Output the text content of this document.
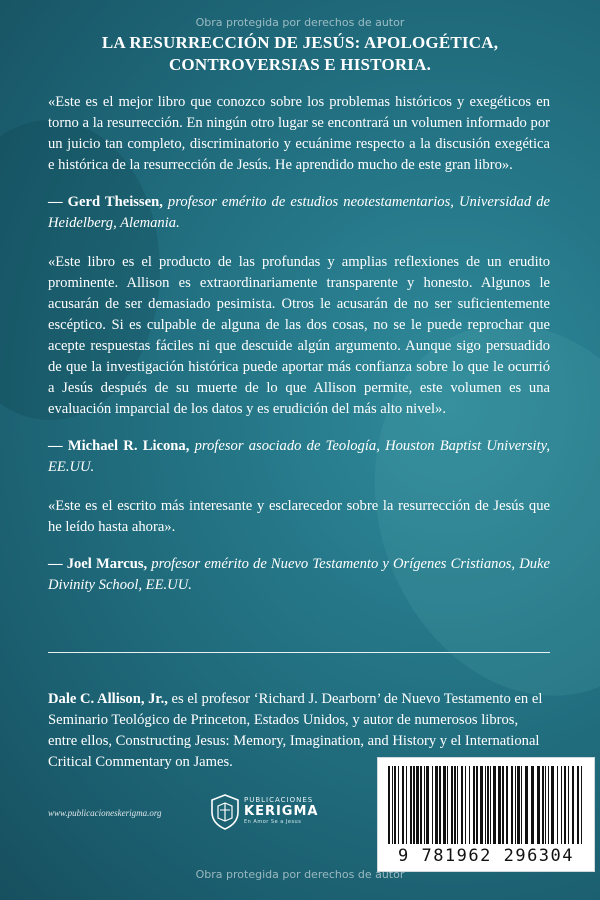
Obra protegida por derechos de autor
LA RESURRECCIÓN DE JESÚS: APOLOGÉTICA,
CONTROVERSIAS E HISTORIA.

«Este es el mejor libro que conozco sobre los problemas históricos y exegéticos en torno a la resurrección. En ningún otro lugar se encontrará un volumen informado por un juicio tan completo, discriminatorio y ecuánime respecto a la discusión exegética e histórica de la resurrección de Jesús. He aprendido mucho de este gran libro».

— Gerd Theissen, profesor emérito de estudios neotestamentarios, Universidad de Heidelberg, Alemania.

«Este libro es el producto de las profundas y amplias reflexiones de un erudito prominente. Allison es extraordinariamente transparente y honesto. Algunos le acusarán de ser demasiado pesimista. Otros le acusarán de no ser suficientemente escéptico. Si es culpable de alguna de las dos cosas, no se le puede reprochar que acepte respuestas fáciles ni que descuide algún argumento. Aunque sigo persuadido de que la investigación histórica puede aportar más confianza sobre lo que le ocurrió a Jesús después de su muerte de lo que Allison permite, este volumen es una evaluación imparcial de los datos y es erudición del más alto nivel».

— Michael R. Licona, profesor asociado de Teología, Houston Baptist University, EE.UU.

«Este es el escrito más interesante y esclarecedor sobre la resurrección de Jesús que he leído hasta ahora».

— Joel Marcus, profesor emérito de Nuevo Testamento y Orígenes Cristianos, Duke Divinity School, EE.UU.

Dale C. Allison, Jr., es el profesor ‘Richard J. Dearborn’ de Nuevo Testamento en el Seminario Teológico de Princeton, Estados Unidos, y autor de numerosos libros, entre ellos, Constructing Jesus: Memory, Imagination, and History y el International Critical Commentary on James.

www.publicacioneskerigma.org
PUBLICACIONES
KERIGMA
En Amor Se a Jesus
9 781962 296304
Obra protegida por derechos de autor
